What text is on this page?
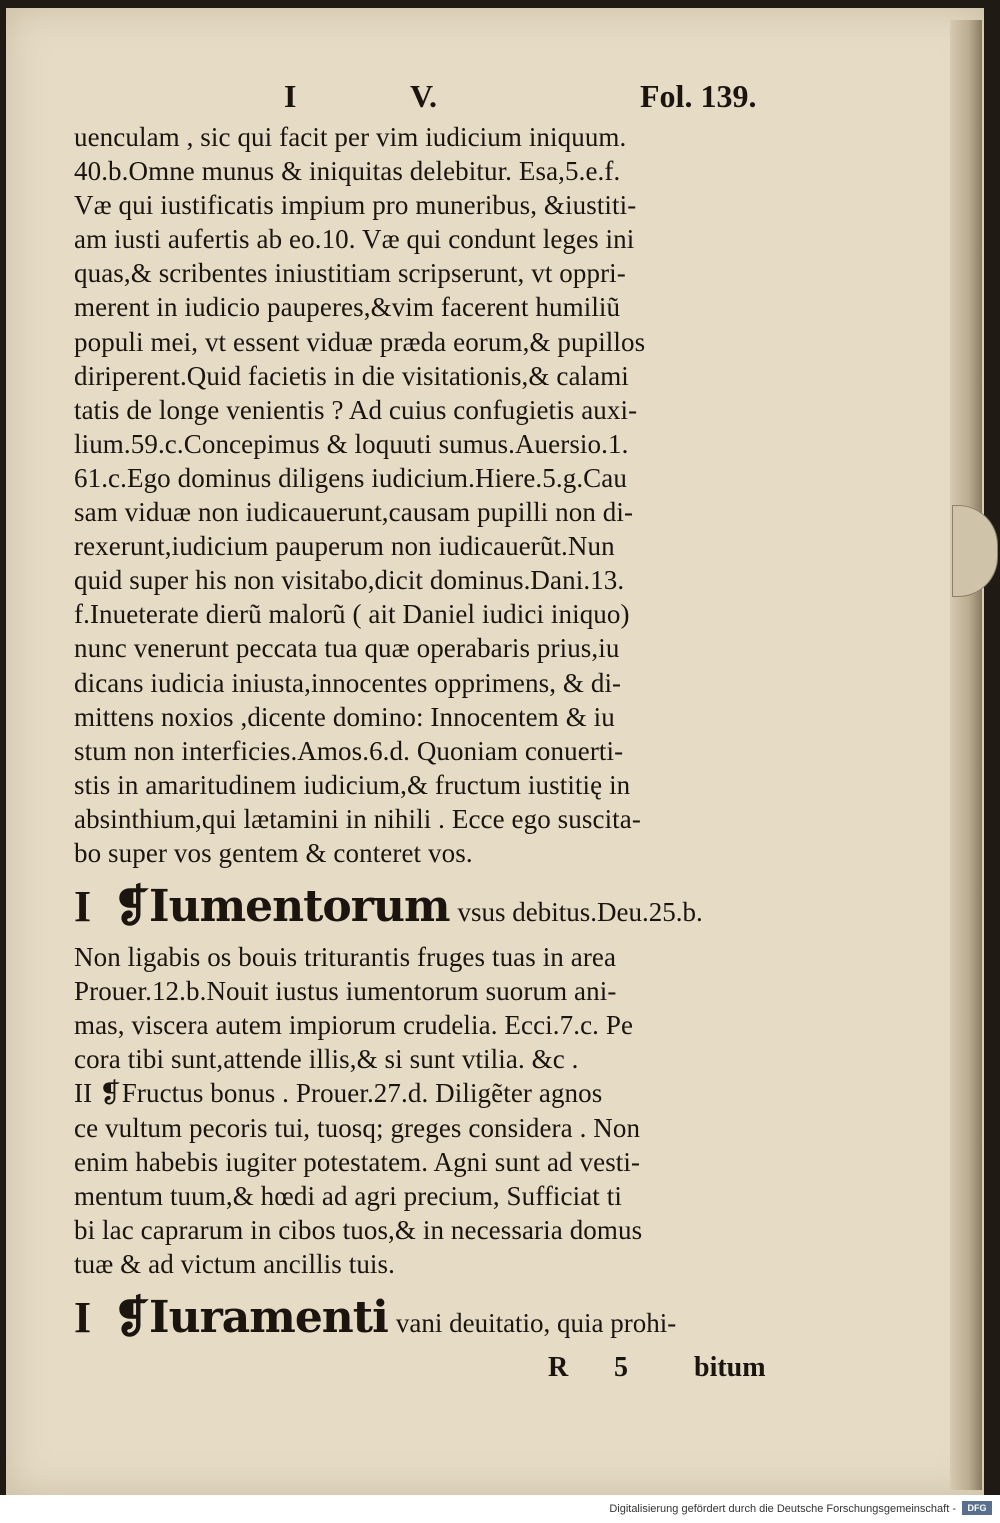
I	V.	Fol. 139.
uenculam , sic qui facit per vim iudicium iniquum.
40.b.Omne munus & iniquitas delebitur. Esa,5.e.f.
Væ qui iustificatis impium pro muneribus, &iustiti-
am iusti aufertis ab eo.10. Væ qui condunt leges ini
quas,& scribentes iniustitiam scripserunt, vt oppri-
merent in iudicio pauperes,&vim facerent humiliũ
populi mei, vt essent viduæ præda eorum,& pupillos
diriperent.Quid facietis in die visitationis,& calami
tatis de longe venientis ? Ad cuius confugietis auxi-
lium.59.c.Concepimus & loquuti sumus.Auersio.1.
61.c.Ego dominus diligens iudicium.Hiere.5.g.Cau
sam viduæ non iudicauerunt,causam pupilli non di-
rexerunt,iudicium pauperum non iudicauerũt.Nun
quid super his non visitabo,dicit dominus.Dani.13.
f.Inueterate dierũ malorũ ( ait Daniel iudici iniquo)
nunc venerunt peccata tua quæ operabaris prius,iu
dicans iudicia iniusta,innocentes opprimens, & di-
mittens noxios ,dicente domino: Innocentem & iu
stum non interficies.Amos.6.d. Quoniam conuerti-
stis in amaritudinem iudicium,& fructum iustitię in
absinthium,qui lætamini in nihili . Ecce ego suscita-
bo super vos gentem & conteret vos.
I ❡Iumentorum vsus debitus.Deu.25.b.
Non ligabis os bouis triturantis fruges tuas in area
Prouer.12.b.Nouit iustus iumentorum suorum ani-
mas, viscera autem impiorum crudelia. Ecci.7.c. Pe
cora tibi sunt,attende illis,& si sunt vtilia. &c .
II ❡Fructus bonus . Prouer.27.d. Diligẽter agnos
ce vultum pecoris tui, tuosq; greges considera . Non
enim habebis iugiter potestatem. Agni sunt ad vesti-
mentum tuum,& hœdi ad agri precium, Sufficiat ti
bi lac caprarum in cibos tuos,& in necessaria domus
tuæ & ad victum ancillis tuis.
I ❡Iuramenti vani deuitatio, quia prohi-
R 5 bitum
Digitalisierung gefördert durch die Deutsche Forschungsgemeinschaft -	DFG
